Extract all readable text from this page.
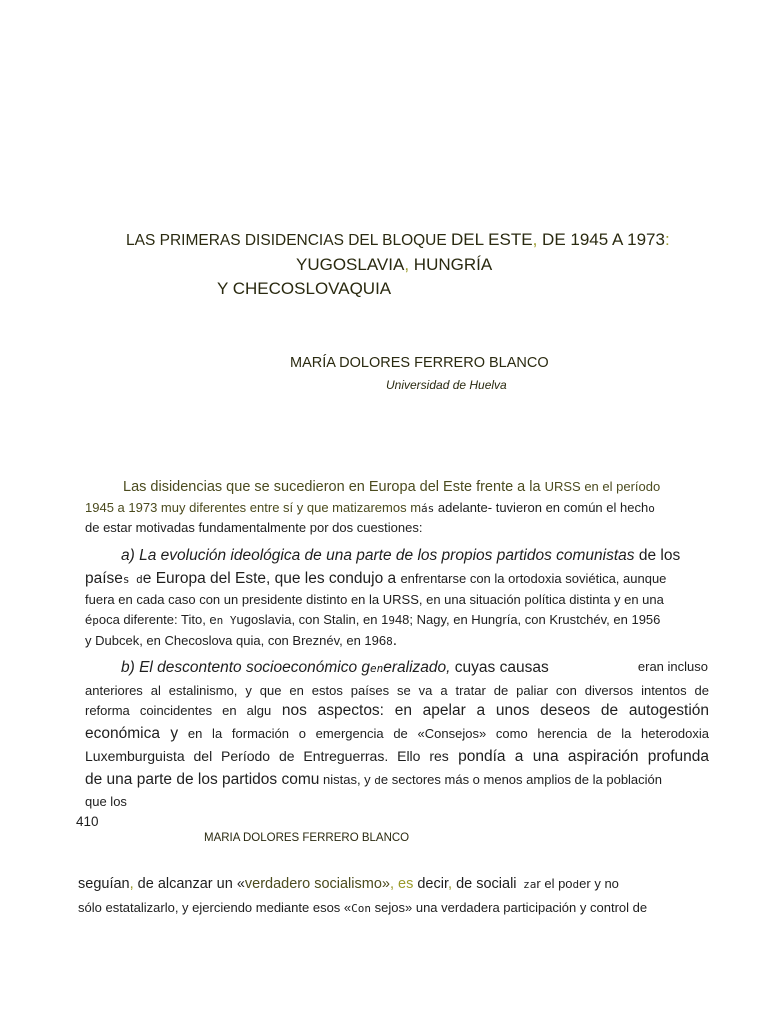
LAS PRIMERAS DISIDENCIAS DEL BLOQUE DEL ESTE, DE 1945 A 1973:
YUGOSLAVIA, HUNGRÍA
Y CHECOSLOVAQUIA
MARÍA DOLORES FERRERO BLANCO
Universidad de Huelva
Las disidencias que se sucedieron en Europa del Este frente a la URSS en el período
1945 a 1973 muy diferentes entre sí y que matizaremos más adelante- tuvieron en común el hecho
de estar motivadas fundamentalmente por dos cuestiones:
a) La evolución ideológica de una parte de los propios partidos comunistas de los
países de Europa del Este, que les condujo a enfrentarse con la ortodoxia soviética, aunque
fuera en cada caso con un presidente distinto en la URSS, en una situación política distinta y en una
época diferente: Tito, en Yugoslavia, con Stalin, en 1948; Nagy, en Hungría, con Krustchév, en 1956
y Dubcek, en Checoslova quia, con Breznév, en 1968.
b) El descontento socioeconómico generalizado, cuyas causas	eran incluso
anteriores al estalinismo, y que en estos países se va a tratar de paliar con diversos intentos de
reforma coincidentes en algu nos aspectos: en apelar a unos deseos de autogestión
económica y en la formación o emergencia de «Consejos» como herencia de la heterodoxia
Luxemburguista del Período de Entreguerras. Ello res pondía a una aspiración profunda
de una parte de los partidos comu nistas, y de sectores más o menos amplios de la población
que los
410
MARIA DOLORES FERRERO BLANCO
seguían, de alcanzar un «verdadero socialismo», es decir, de sociali zar el poder y no
sólo estatalizarlo, y ejerciendo mediante esos «Con sejos» una verdadera participación y control de
